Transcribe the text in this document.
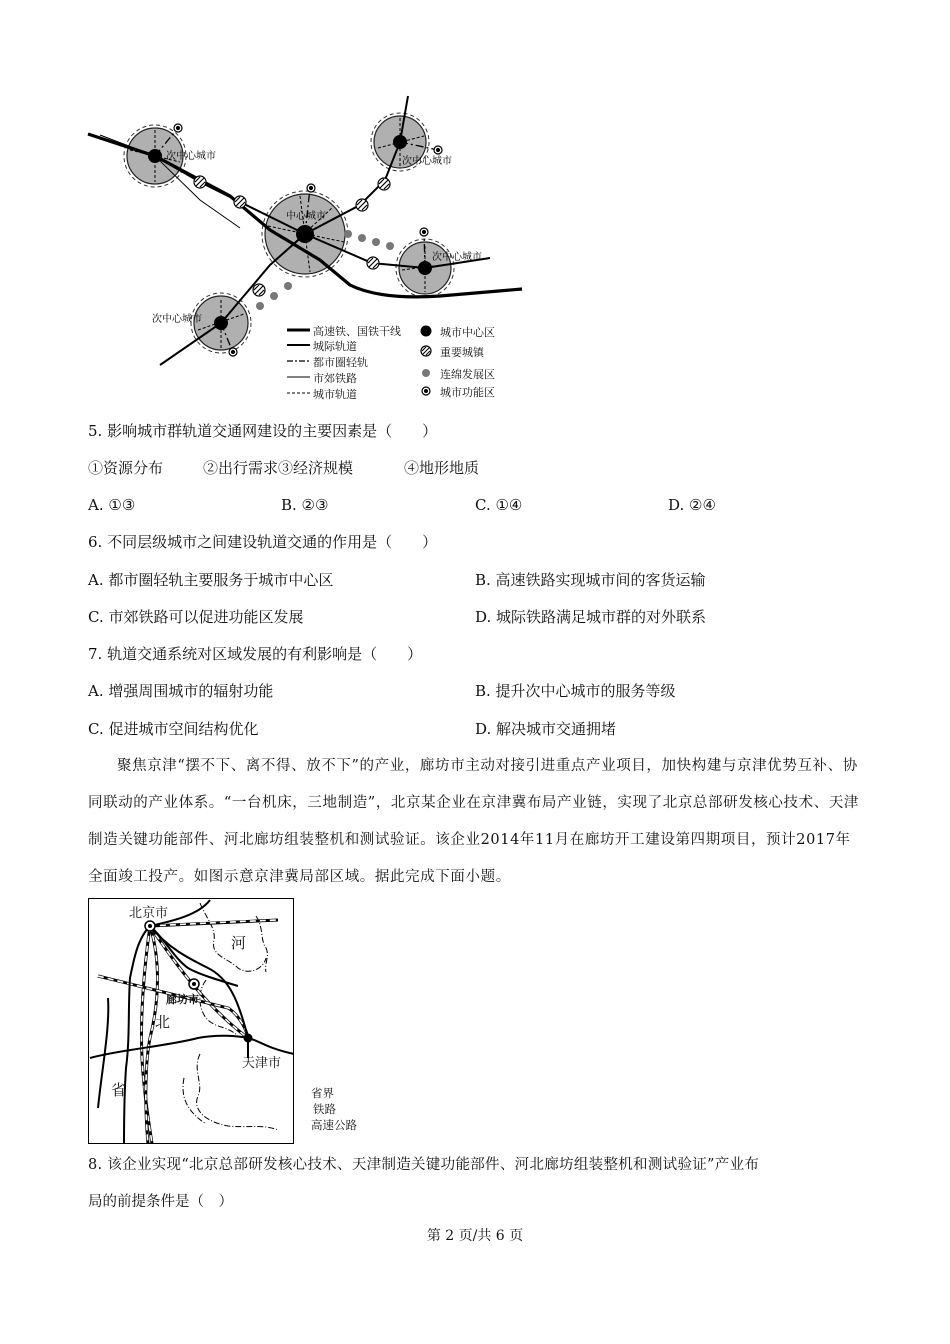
次中心城市	次中心城市
中心城市
次中心城市
次中心城市
高速铁、国铁干线
城际轨道
都市圈轻轨
市郊铁路
城市轨道
城市中心区
重要城镇
连绵发展区
城市功能区
5. 影响城市群轨道交通网建设的主要因素是（　　）
①资源分布	②出行需求③经济规模	④地形地质
A. ①③	B. ②③	C. ①④	D. ②④
6. 不同层级城市之间建设轨道交通的作用是（　　）
A. 都市圈轻轨主要服务于城市中心区	B. 高速铁路实现城市间的客货运输
C. 市郊铁路可以促进功能区发展	D. 城际铁路满足城市群的对外联系
7. 轨道交通系统对区域发展的有利影响是（　　）
A. 增强周围城市的辐射功能	B. 提升次中心城市的服务等级
C. 促进城市空间结构优化	D. 解决城市交通拥堵
聚焦京津“摆不下、离不得、放不下”的产业，廊坊市主动对接引进重点产业项目，加快构建与京津优势互补、协同联动的产业体系。“一台机床，三地制造”，北京某企业在京津冀布局产业链，实现了北京总部研发核心技术、天津制造关键功能部件、河北廊坊组装整机和测试验证。该企业2014年11月在廊坊开工建设第四期项目，预计2017年全面竣工投产。如图示意京津冀局部区域。据此完成下面小题。
北京市
河
廊坊市
北
天津市
省	省界
铁路
高速公路
8. 该企业实现“北京总部研发核心技术、天津制造关键功能部件、河北廊坊组装整机和测试验证”产业布
局的前提条件是（　）
第 2 页/共 6 页
